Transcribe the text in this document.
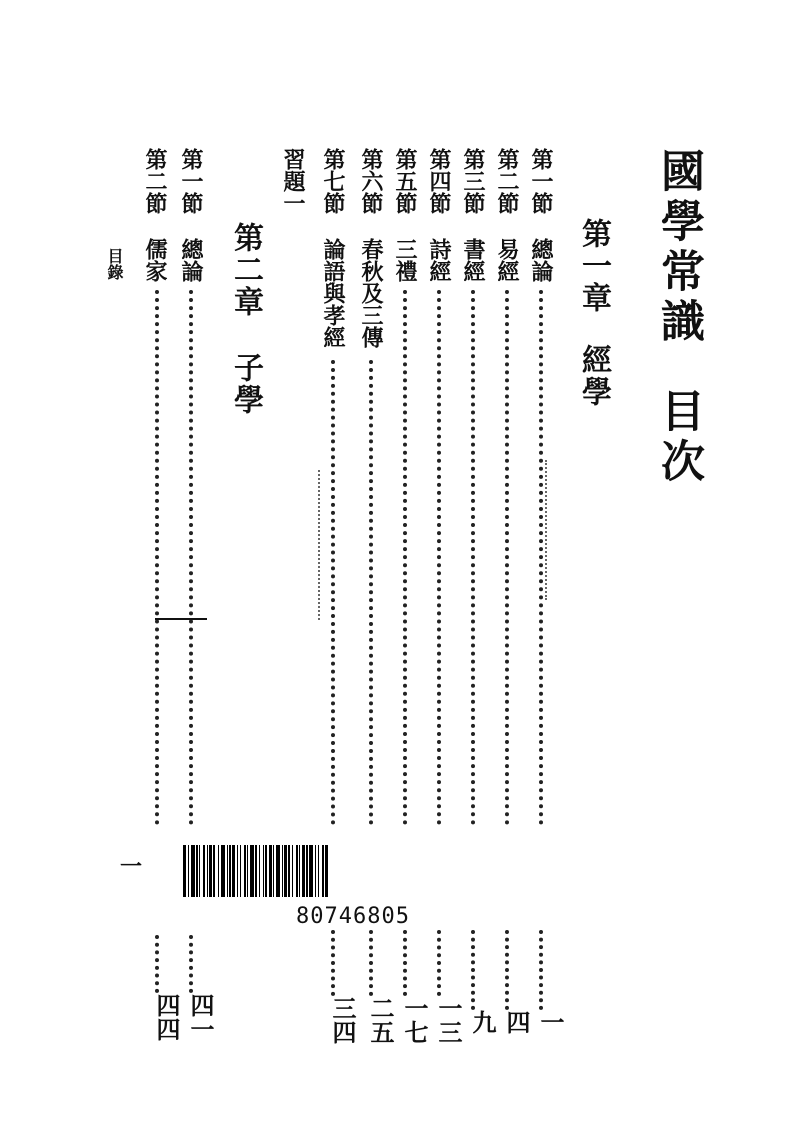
國學常識
目次
第一章
經學
第二章
子學
第一節
總論
一
第二節
易經
四
第三節
書經
九
第四節
詩經
一三
第五節
三禮
一七
第六節
春秋及三傳
二五
第七節
論語與孝經
三四
習題一
第一節
總論
四一
第二節
儒家
四四
目錄
一
80746805
